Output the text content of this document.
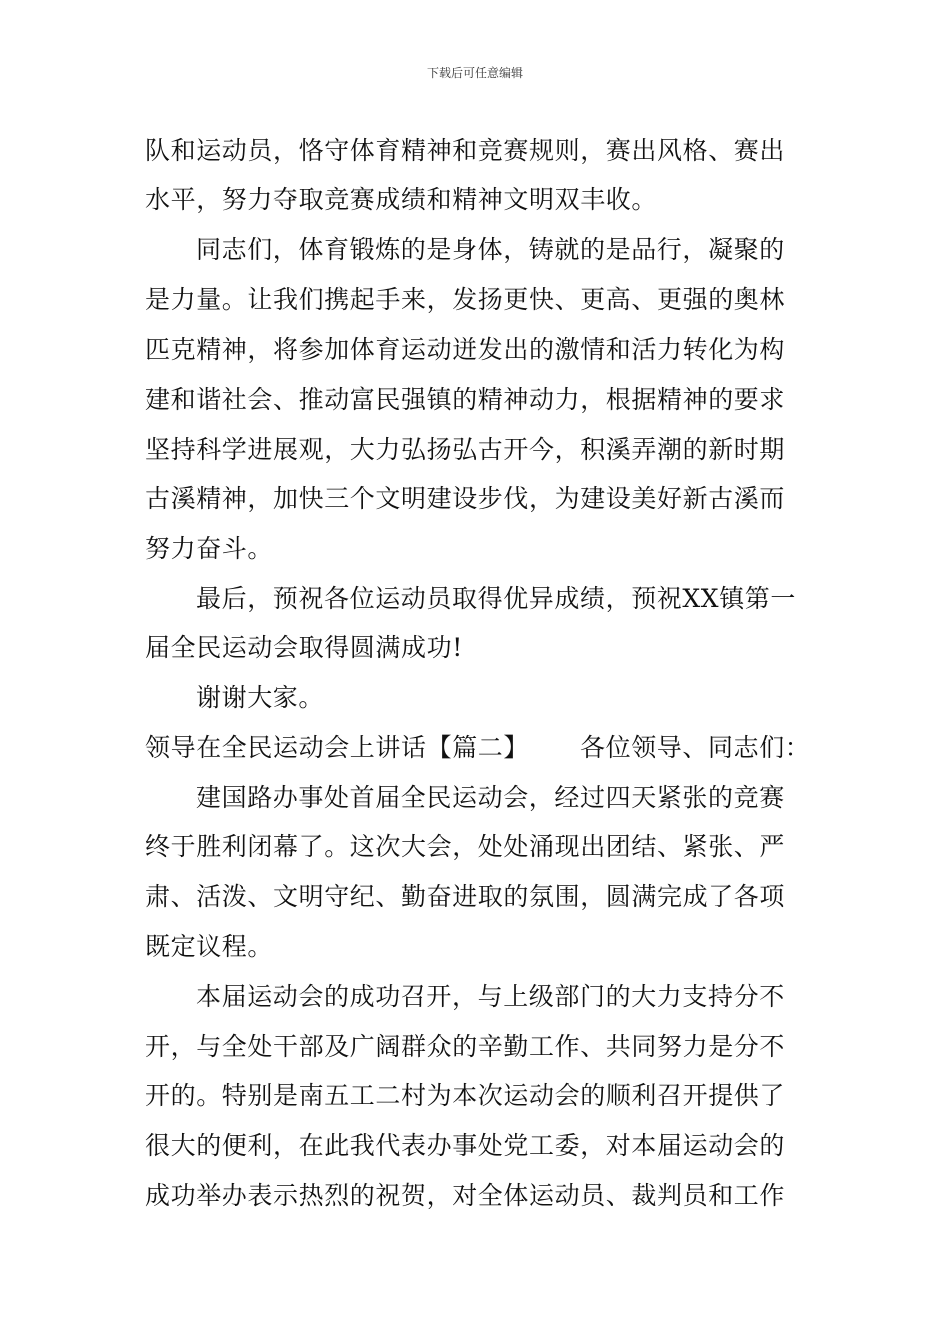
下载后可任意编辑
队和运动员，恪守体育精神和竞赛规则，赛出风格、赛出
水平，努力夺取竞赛成绩和精神文明双丰收。
同志们，体育锻炼的是身体，铸就的是品行，凝聚的
是力量。让我们携起手来，发扬更快、更高、更强的奥林
匹克精神，将参加体育运动迸发出的激情和活力转化为构
建和谐社会、推动富民强镇的精神动力，根据精神的要求
坚持科学进展观，大力弘扬弘古开今，积溪弄潮的新时期
古溪精神，加快三个文明建设步伐，为建设美好新古溪而
努力奋斗。
最后，预祝各位运动员取得优异成绩，预祝XX镇第一
届全民运动会取得圆满成功!
谢谢大家。
领导在全民运动会上讲话【篇二】 各位领导、同志们：
建国路办事处首届全民运动会，经过四天紧张的竞赛
终于胜利闭幕了。这次大会，处处涌现出团结、紧张、严
肃、活泼、文明守纪、勤奋进取的氛围，圆满完成了各项
既定议程。
本届运动会的成功召开，与上级部门的大力支持分不
开，与全处干部及广阔群众的辛勤工作、共同努力是分不
开的。特别是南五工二村为本次运动会的顺利召开提供了
很大的便利，在此我代表办事处党工委，对本届运动会的
成功举办表示热烈的祝贺，对全体运动员、裁判员和工作
